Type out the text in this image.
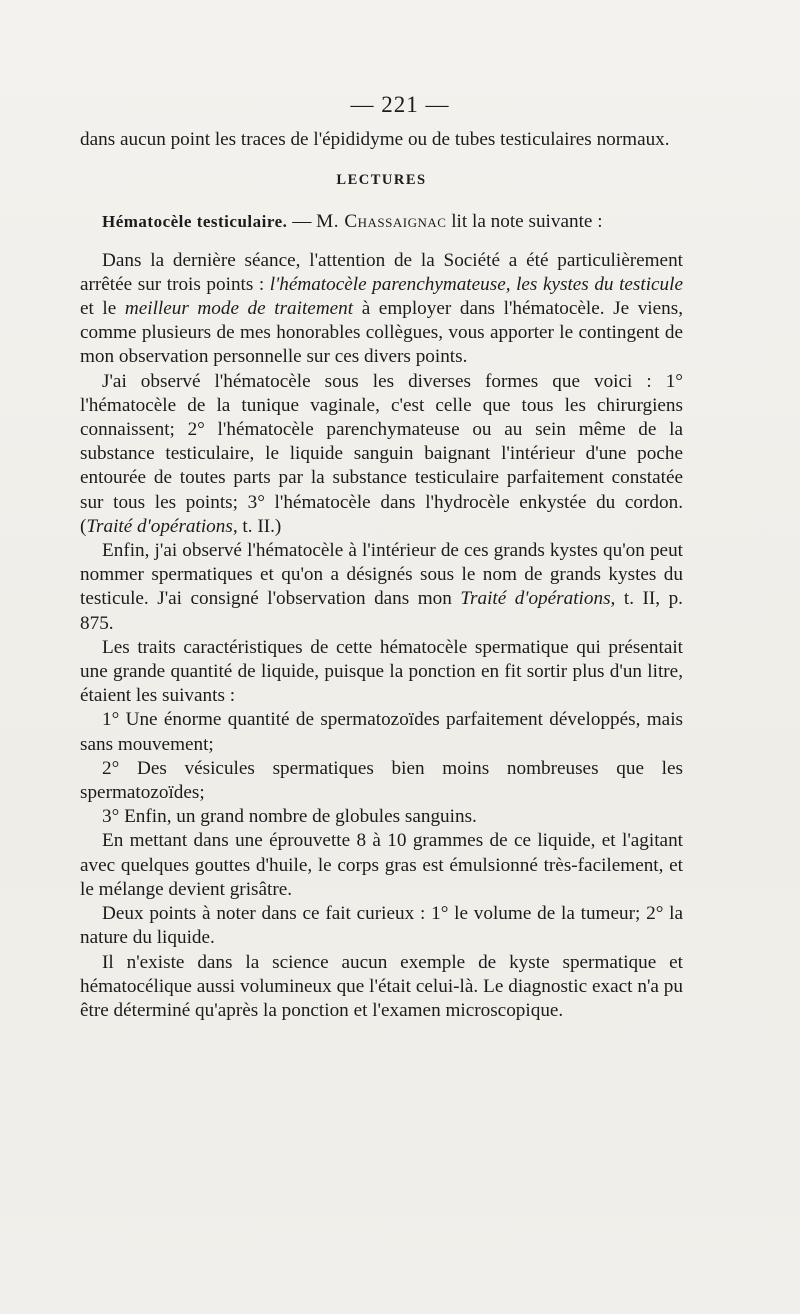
— 221 —

dans aucun point les traces de l'épididyme ou de tubes testiculaires normaux.

LECTURES

Hématocèle testiculaire. — M. Chassaignac lit la note suivante :

Dans la dernière séance, l'attention de la Société a été particulièrement arrêtée sur trois points : l'hématocèle parenchymateuse, les kystes du testicule et le meilleur mode de traitement à employer dans l'hématocèle. Je viens, comme plusieurs de mes honorables collègues, vous apporter le contingent de mon observation personnelle sur ces divers points.

J'ai observé l'hématocèle sous les diverses formes que voici : 1° l'hématocèle de la tunique vaginale, c'est celle que tous les chirurgiens connaissent; 2° l'hématocèle parenchymateuse ou au sein même de la substance testiculaire, le liquide sanguin baignant l'intérieur d'une poche entourée de toutes parts par la substance testiculaire parfaitement constatée sur tous les points; 3° l'hématocèle dans l'hydrocèle enkystée du cordon. (Traité d'opérations, t. II.)

Enfin, j'ai observé l'hématocèle à l'intérieur de ces grands kystes qu'on peut nommer spermatiques et qu'on a désignés sous le nom de grands kystes du testicule. J'ai consigné l'observation dans mon Traité d'opérations, t. II, p. 875.

Les traits caractéristiques de cette hématocèle spermatique qui présentait une grande quantité de liquide, puisque la ponction en fit sortir plus d'un litre, étaient les suivants :

1° Une énorme quantité de spermatozoïdes parfaitement développés, mais sans mouvement;

2° Des vésicules spermatiques bien moins nombreuses que les spermatozoïdes;

3° Enfin, un grand nombre de globules sanguins.

En mettant dans une éprouvette 8 à 10 grammes de ce liquide, et l'agitant avec quelques gouttes d'huile, le corps gras est émulsionné très-facilement, et le mélange devient grisâtre.

Deux points à noter dans ce fait curieux : 1° le volume de la tumeur; 2° la nature du liquide.

Il n'existe dans la science aucun exemple de kyste spermatique et hématocélique aussi volumineux que l'était celui-là. Le diagnostic exact n'a pu être déterminé qu'après la ponction et l'examen microscopique.
